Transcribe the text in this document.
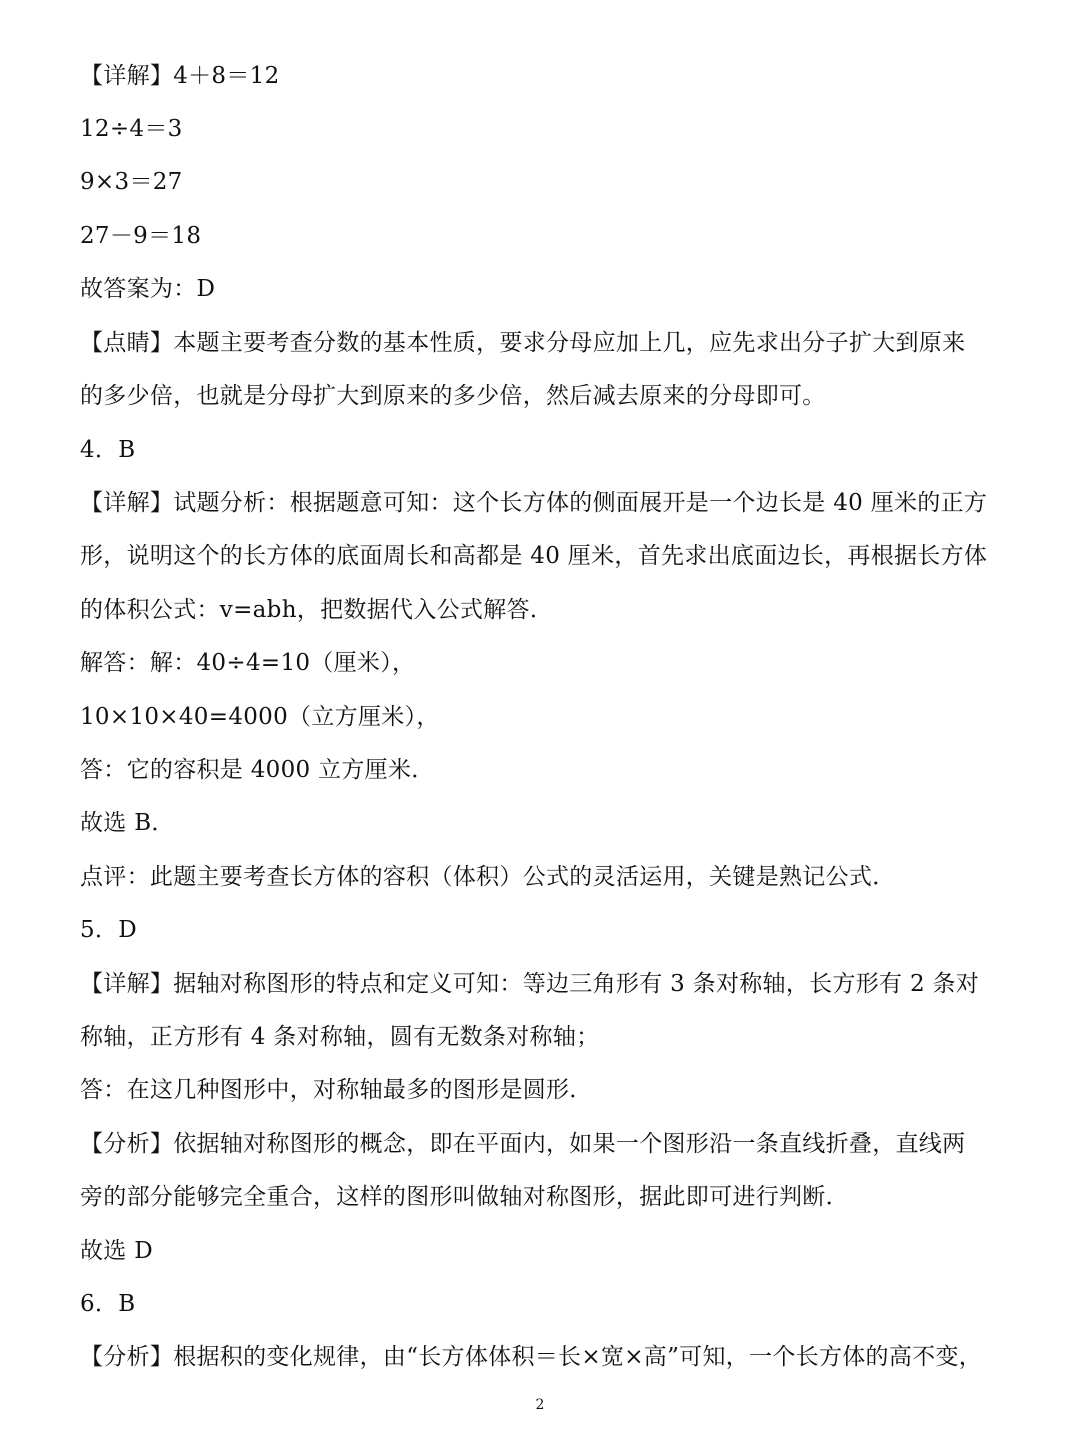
【详解】4＋8＝12
12÷4＝3
9×3＝27
27－9＝18
故答案为：D
【点睛】本题主要考查分数的基本性质，要求分母应加上几，应先求出分子扩大到原来
的多少倍，也就是分母扩大到原来的多少倍，然后减去原来的分母即可。
4．B
【详解】试题分析：根据题意可知：这个长方体的侧面展开是一个边长是 40 厘米的正方
形，说明这个的长方体的底面周长和高都是 40 厘米，首先求出底面边长，再根据长方体
的体积公式：v=abh，把数据代入公式解答．
解答：解：40÷4=10（厘米），
10×10×40=4000（立方厘米），
答：它的容积是 4000 立方厘米．
故选 B．
点评：此题主要考查长方体的容积（体积）公式的灵活运用，关键是熟记公式．
5．D
【详解】据轴对称图形的特点和定义可知：等边三角形有 3 条对称轴，长方形有 2 条对
称轴，正方形有 4 条对称轴，圆有无数条对称轴；
答：在这几种图形中，对称轴最多的图形是圆形．
【分析】依据轴对称图形的概念，即在平面内，如果一个图形沿一条直线折叠，直线两
旁的部分能够完全重合，这样的图形叫做轴对称图形，据此即可进行判断．
故选 D
6．B
【分析】根据积的变化规律，由“长方体体积＝长×宽×高”可知，一个长方体的高不变，
2
